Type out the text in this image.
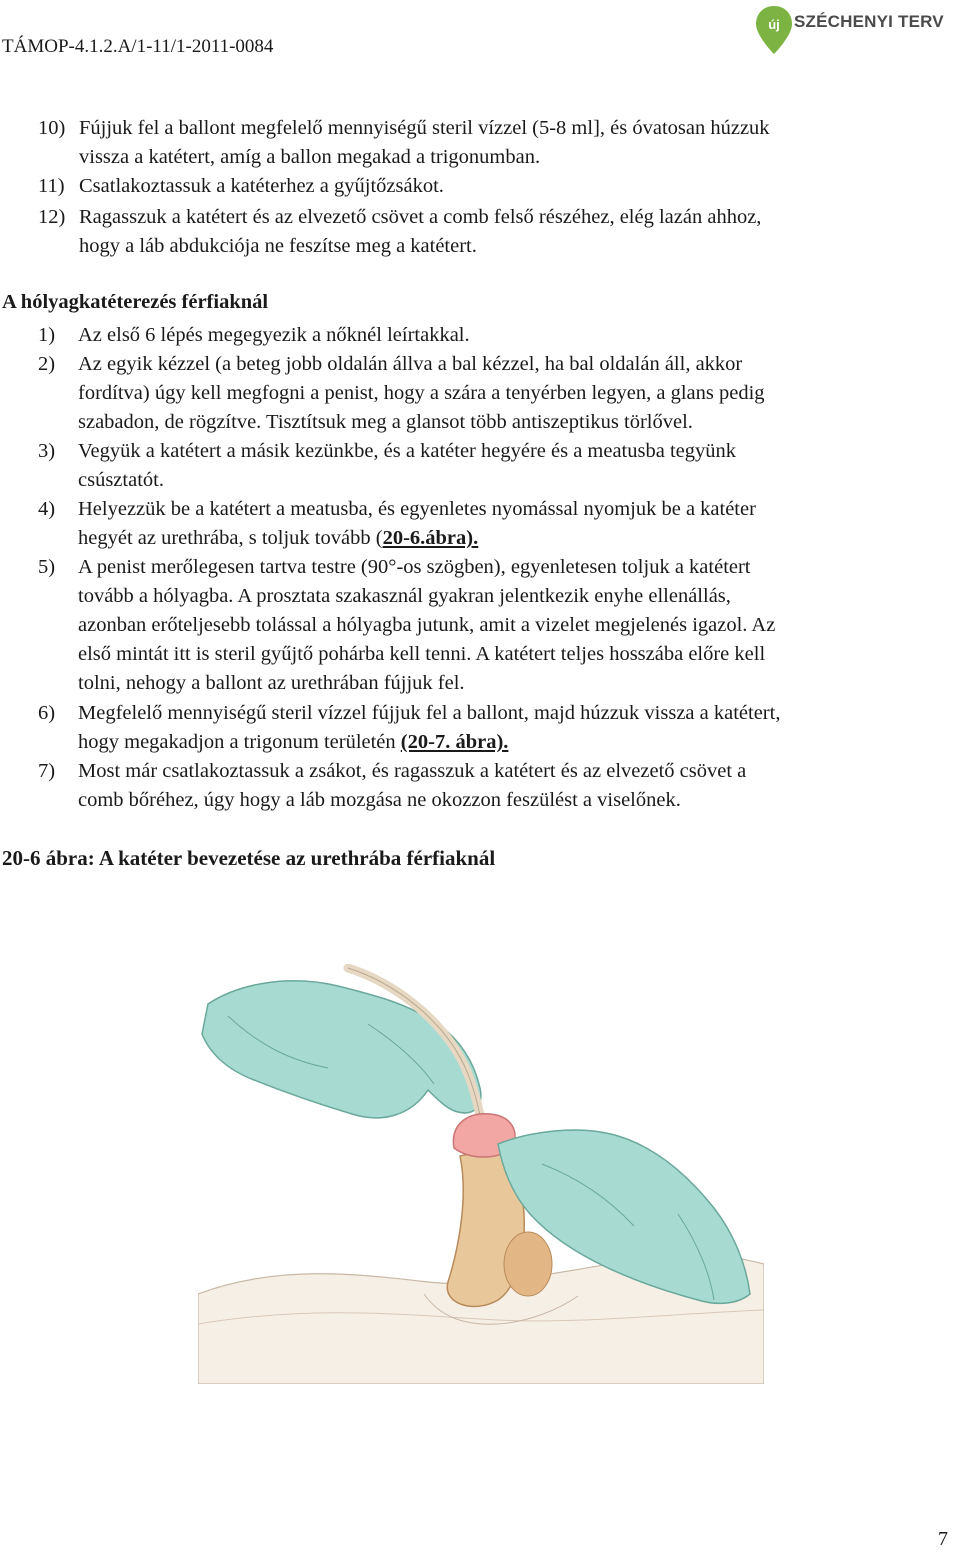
TÁMOP-4.1.2.A/1-11/1-2011-0084
új SZÉCHENYI TERV
10) Fújjuk fel a ballont megfelelő mennyiségű steril vízzel (5-8 ml], és óvatosan húzzuk
vissza a katétert, amíg a ballon megakad a trigonumban.
11) Csatlakoztassuk a katéterhez a gyűjtőzsákot.
12) Ragasszuk a katétert és az elvezető csövet a comb felső részéhez, elég lazán ahhoz,
hogy a láb abdukciója ne feszítse meg a katétert.
A hólyagkatéterezés férfiaknál
1) Az első 6 lépés megegyezik a nőknél leírtakkal.
2) Az egyik kézzel (a beteg jobb oldalán állva a bal kézzel, ha bal oldalán áll, akkor
fordítva) úgy kell megfogni a penist, hogy a szára a tenyérben legyen, a glans pedig
szabadon, de rögzítve. Tisztítsuk meg a glansot több antiszeptikus törlővel.
3) Vegyük a katétert a másik kezünkbe, és a katéter hegyére és a meatusba tegyünk
csúsztatót.
4) Helyezzük be a katétert a meatusba, és egyenletes nyomással nyomjuk be a katéter
hegyét az urethrába, s toljuk tovább (20-6.ábra).
5) A penist merőlegesen tartva testre (90°-os szögben), egyenletesen toljuk a katétert
tovább a hólyagba. A prosztata szakasznál gyakran jelentkezik enyhe ellenállás,
azonban erőteljesebb tolással a hólyagba jutunk, amit a vizelet megjelenés igazol. Az
első mintát itt is steril gyűjtő pohárba kell tenni. A katétert teljes hosszába előre kell
tolni, nehogy a ballont az urethrában fújjuk fel.
6) Megfelelő mennyiségű steril vízzel fújjuk fel a ballont, majd húzzuk vissza a katétert,
hogy megakadjon a trigonum területén (20-7. ábra).
7) Most már csatlakoztassuk a zsákot, és ragasszuk a katétert és az elvezető csövet a
comb bőréhez, úgy hogy a láb mozgása ne okozzon feszülést a viselőnek.
20-6 ábra: A katéter bevezetése az urethrába férfiaknál
7
